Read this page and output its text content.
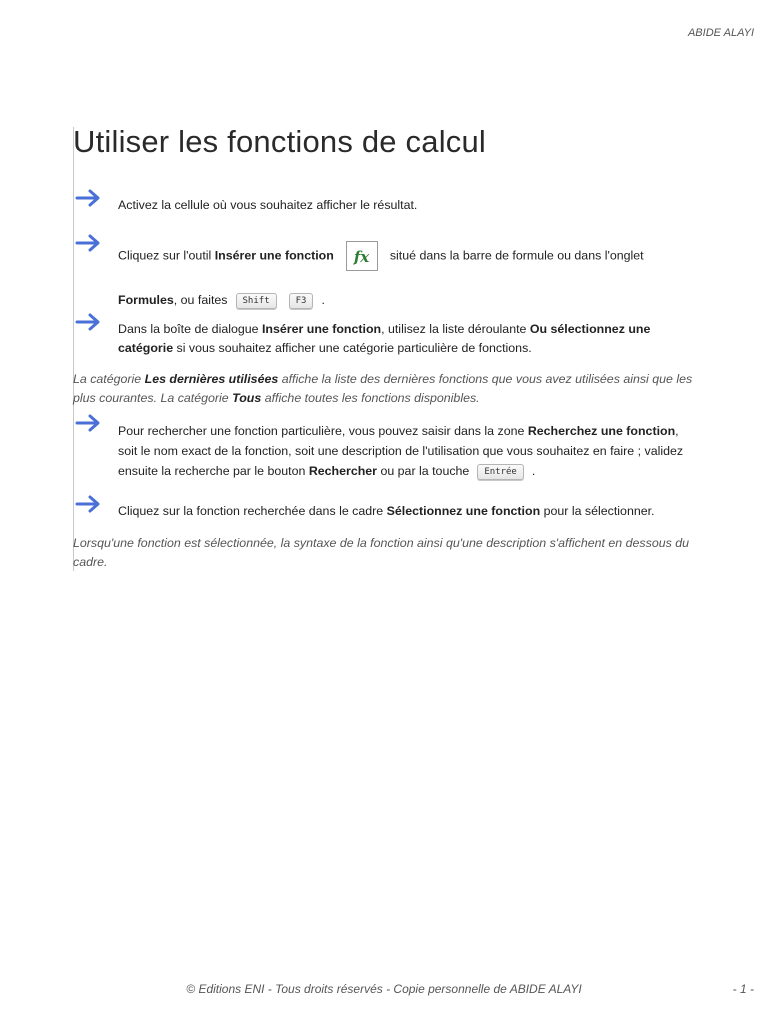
ABIDE ALAYI
Utiliser les fonctions de calcul
Activez la cellule où vous souhaitez afficher le résultat.
Cliquez sur l'outil Insérer une fonction fx situé dans la barre de formule ou dans l'onglet
Formules, ou faites Shift	F3 .
Dans la boîte de dialogue Insérer une fonction, utilisez la liste déroulante Ou sélectionnez une catégorie si vous souhaitez afficher une catégorie particulière de fonctions.
La catégorie Les dernières utilisées affiche la liste des dernières fonctions que vous avez utilisées ainsi que les plus courantes. La catégorie Tous affiche toutes les fonctions disponibles.
Pour rechercher une fonction particulière, vous pouvez saisir dans la zone Recherchez une fonction, soit le nom exact de la fonction, soit une description de l'utilisation que vous souhaitez en faire ; validez ensuite la recherche par le bouton Rechercher ou par la touche Entrée .
Cliquez sur la fonction recherchée dans le cadre Sélectionnez une fonction pour la sélectionner.
Lorsqu'une fonction est sélectionnée, la syntaxe de la fonction ainsi qu'une description s'affichent en dessous du cadre.
© Editions ENI - Tous droits réservés - Copie personnelle de ABIDE ALAYI	- 1 -
